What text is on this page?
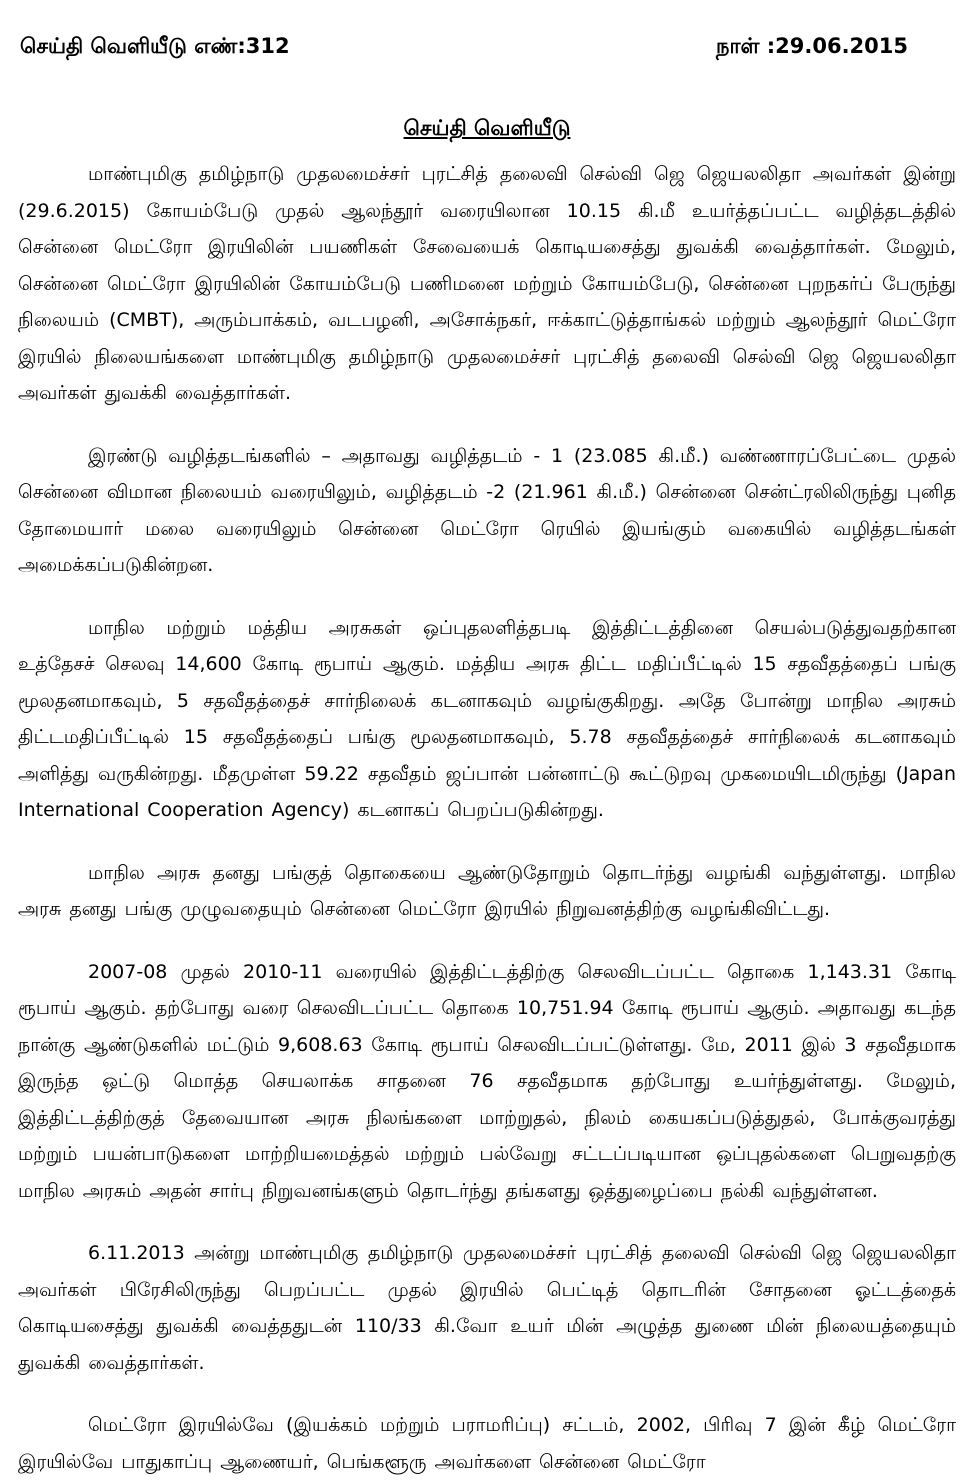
செய்தி வெளியீடு எண்:312	நாள் :29.06.2015
செய்தி வெளியீடு

மாண்புமிகு தமிழ்நாடு முதலமைச்சர் புரட்சித் தலைவி செல்வி ஜெ ஜெயலலிதா அவர்கள் இன்று (29.6.2015) கோயம்பேடு முதல் ஆலந்தூர் வரையிலான 10.15 கி.மீ உயர்த்தப்பட்ட வழித்தடத்தில் சென்னை மெட்ரோ இரயிலின் பயணிகள் சேவையைக் கொடியசைத்து துவக்கி வைத்தார்கள். மேலும், சென்னை மெட்ரோ இரயிலின் கோயம்பேடு பணிமனை மற்றும் கோயம்பேடு, சென்னை புறநகர்ப் பேருந்து நிலையம் (CMBT), அரும்பாக்கம், வடபழனி, அசோக்நகர், ஈக்காட்டுத்தாங்கல் மற்றும் ஆலந்தூர் மெட்ரோ இரயில் நிலையங்களை மாண்புமிகு தமிழ்நாடு முதலமைச்சர் புரட்சித் தலைவி செல்வி ஜெ ஜெயலலிதா அவர்கள் துவக்கி வைத்தார்கள்.

இரண்டு வழித்தடங்களில் – அதாவது வழித்தடம் - 1 (23.085 கி.மீ.) வண்ணாரப்பேட்டை முதல் சென்னை விமான நிலையம் வரையிலும், வழித்தடம் -2 (21.961 கி.மீ.) சென்னை சென்ட்ரலிலிருந்து புனித தோமையார் மலை வரையிலும் சென்னை மெட்ரோ ரெயில் இயங்கும் வகையில் வழித்தடங்கள் அமைக்கப்படுகின்றன.

மாநில மற்றும் மத்திய அரசுகள் ஒப்புதலளித்தபடி இத்திட்டத்தினை செயல்படுத்துவதற்கான உத்தேசச் செலவு 14,600 கோடி ரூபாய் ஆகும். மத்திய அரசு திட்ட மதிப்பீட்டில் 15 சதவீதத்தைப் பங்கு மூலதனமாகவும், 5 சதவீதத்தைச் சார்நிலைக் கடனாகவும் வழங்குகிறது. அதே போன்று மாநில அரசும் திட்டமதிப்பீட்டில் 15 சதவீதத்தைப் பங்கு மூலதனமாகவும், 5.78 சதவீதத்தைச் சார்நிலைக் கடனாகவும் அளித்து வருகின்றது. மீதமுள்ள 59.22 சதவீதம் ஜப்பான் பன்னாட்டு கூட்டுறவு முகமையிடமிருந்து (Japan International Cooperation Agency) கடனாகப் பெறப்படுகின்றது.

மாநில அரசு தனது பங்குத் தொகையை ஆண்டுதோறும் தொடர்ந்து வழங்கி வந்துள்ளது. மாநில அரசு தனது பங்கு முழுவதையும் சென்னை மெட்ரோ இரயில் நிறுவனத்திற்கு வழங்கிவிட்டது.

2007-08 முதல் 2010-11 வரையில் இத்திட்டத்திற்கு செலவிடப்பட்ட தொகை 1,143.31 கோடி ரூபாய் ஆகும். தற்போது வரை செலவிடப்பட்ட தொகை 10,751.94 கோடி ரூபாய் ஆகும். அதாவது கடந்த நான்கு ஆண்டுகளில் மட்டும் 9,608.63 கோடி ரூபாய் செலவிடப்பட்டுள்ளது. மே, 2011 இல் 3 சதவீதமாக இருந்த ஒட்டு மொத்த செயலாக்க சாதனை 76 சதவீதமாக தற்போது உயர்ந்துள்ளது. மேலும், இத்திட்டத்திற்குத் தேவையான அரசு நிலங்களை மாற்றுதல், நிலம் கையகப்படுத்துதல், போக்குவரத்து மற்றும் பயன்பாடுகளை மாற்றியமைத்தல் மற்றும் பல்வேறு சட்டப்படியான ஒப்புதல்களை பெறுவதற்கு மாநில அரசும் அதன் சார்பு நிறுவனங்களும் தொடர்ந்து தங்களது ஒத்துழைப்பை நல்கி வந்துள்ளன.

6.11.2013 அன்று மாண்புமிகு தமிழ்நாடு முதலமைச்சர் புரட்சித் தலைவி செல்வி ஜெ ஜெயலலிதா அவர்கள் பிரேசிலிருந்து பெறப்பட்ட முதல் இரயில் பெட்டித் தொடரின் சோதனை ஓட்டத்தைக் கொடியசைத்து துவக்கி வைத்ததுடன் 110/33 கி.வோ உயர் மின் அழுத்த துணை மின் நிலையத்தையும் துவக்கி வைத்தார்கள்.

மெட்ரோ இரயில்வே (இயக்கம் மற்றும் பராமரிப்பு) சட்டம், 2002, பிரிவு 7 இன் கீழ் மெட்ரோ இரயில்வே பாதுகாப்பு ஆணையர், பெங்களூரு அவர்களை சென்னை மெட்ரோ
